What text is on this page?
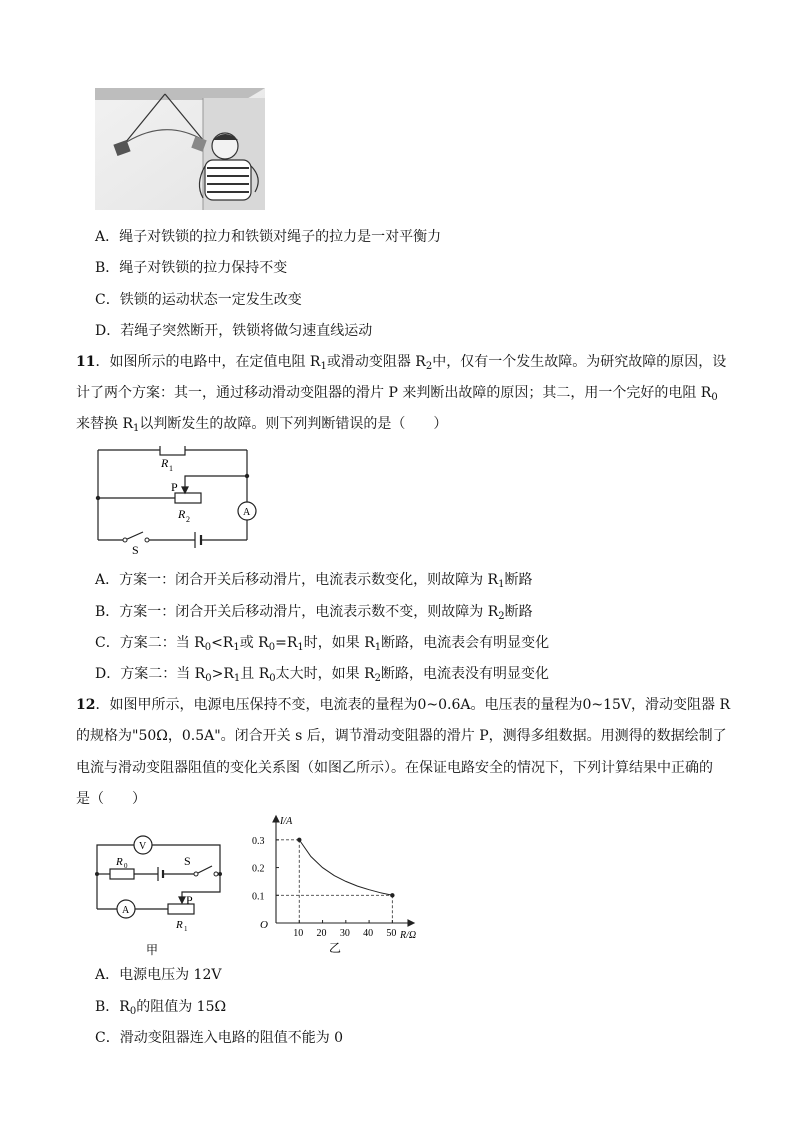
A．绳子对铁锁的拉力和铁锁对绳子的拉力是一对平衡力
B．绳子对铁锁的拉力保持不变
C．铁锁的运动状态一定发生改变
D．若绳子突然断开，铁锁将做匀速直线运动
11．如图所示的电路中，在定值电阻 $R_1$或滑动变阻器 $R_2$中，仅有一个发生故障。为研究故障的原因，设
计了两个方案：其一，通过移动滑动变阻器的滑片 P 来判断出故障的原因；其二，用一个完好的电阻 $R_0$
来替换 $R_1$以判断发生的故障。则下列判断错误的是（　　）
A
R 1
P
R 2
S
A．方案一：闭合开关后移动滑片，电流表示数变化，则故障为 $R_1$断路
B．方案一：闭合开关后移动滑片，电流表示数不变，则故障为 $R_2$断路
C．方案二：当 $R_0<R_1$或 $R_0=R_1$时，如果 $R_1$断路，电流表会有明显变化
D．方案二：当 $R_0>R_1$且 $R_0$太大时，如果 $R_2$断路，电流表没有明显变化
12．如图甲所示，电源电压保持不变，电流表的量程为0~0.6A。电压表的量程为0~15V，滑动变阻器 R
的规格为"50Ω，0.5A"。闭合开关 s 后，调节滑动变阻器的滑片 P，测得多组数据。用测得的数据绘制了
电流与滑动变阻器阻值的变化关系图（如图乙所示）。在保证电路安全的情况下，下列计算结果中正确的
是（　　）
V
A
R 0	S
P
R 1
甲
10 20 30 40 50
0.1
0.2
0.3
R/Ω
I/A
乙
O
A．电源电压为 12V
B．$R_0$的阻值为 15Ω
C．滑动变阻器连入电路的阻值不能为 0
